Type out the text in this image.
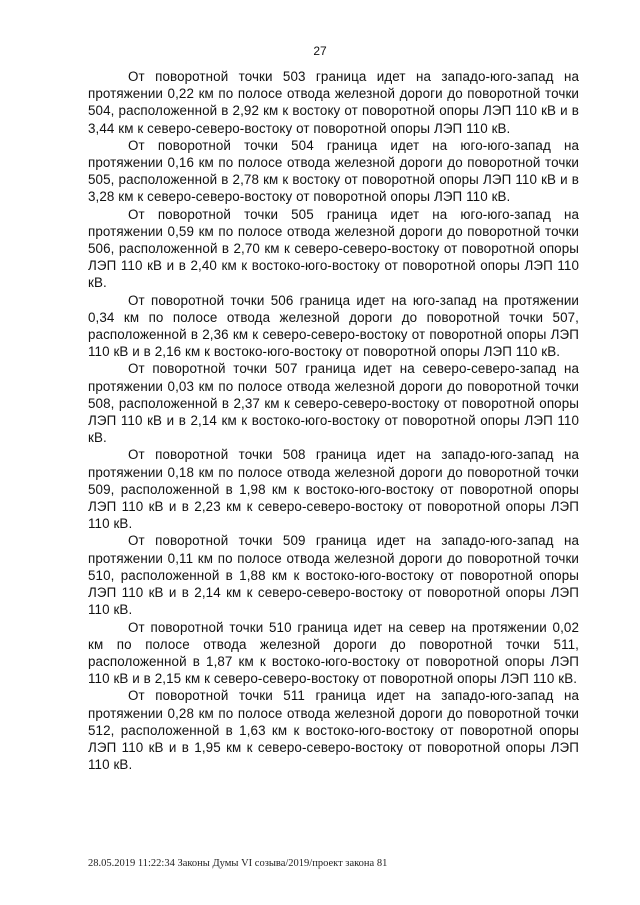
27

От поворотной точки 503 граница идет на западо-юго-запад на протяжении 0,22 км по полосе отвода железной дороги до поворотной точки 504, расположенной в 2,92 км к востоку от поворотной опоры ЛЭП 110 кВ и в 3,44 км к северо-северо-востоку от поворотной опоры ЛЭП 110 кВ.

От поворотной точки 504 граница идет на юго-юго-запад на протяжении 0,16 км по полосе отвода железной дороги до поворотной точки 505, расположенной в 2,78 км к востоку от поворотной опоры ЛЭП 110 кВ и в 3,28 км к северо-северо-востоку от поворотной опоры ЛЭП 110 кВ.

От поворотной точки 505 граница идет на юго-юго-запад на протяжении 0,59 км по полосе отвода железной дороги до поворотной точки 506, расположенной в 2,70 км к северо-северо-востоку от поворотной опоры ЛЭП 110 кВ и в 2,40 км к востоко-юго-востоку от поворотной опоры ЛЭП 110 кВ.

От поворотной точки 506 граница идет на юго-запад на протяжении 0,34 км по полосе отвода железной дороги до поворотной точки 507, расположенной в 2,36 км к северо-северо-востоку от поворотной опоры ЛЭП 110 кВ и в 2,16 км к востоко-юго-востоку от поворотной опоры ЛЭП 110 кВ.

От поворотной точки 507 граница идет на северо-северо-запад на протяжении 0,03 км по полосе отвода железной дороги до поворотной точки 508, расположенной в 2,37 км к северо-северо-востоку от поворотной опоры ЛЭП 110 кВ и в 2,14 км к востоко-юго-востоку от поворотной опоры ЛЭП 110 кВ.

От поворотной точки 508 граница идет на западо-юго-запад на протяжении 0,18 км по полосе отвода железной дороги до поворотной точки 509, расположенной в 1,98 км к востоко-юго-востоку от поворотной опоры ЛЭП 110 кВ и в 2,23 км к северо-северо-востоку от поворотной опоры ЛЭП 110 кВ.

От поворотной точки 509 граница идет на западо-юго-запад на протяжении 0,11 км по полосе отвода железной дороги до поворотной точки 510, расположенной в 1,88 км к востоко-юго-востоку от поворотной опоры ЛЭП 110 кВ и в 2,14 км к северо-северо-востоку от поворотной опоры ЛЭП 110 кВ.

От поворотной точки 510 граница идет на север на протяжении 0,02 км по полосе отвода железной дороги до поворотной точки 511, расположенной в 1,87 км к востоко-юго-востоку от поворотной опоры ЛЭП 110 кВ и в 2,15 км к северо-северо-востоку от поворотной опоры ЛЭП 110 кВ.

От поворотной точки 511 граница идет на западо-юго-запад на протяжении 0,28 км по полосе отвода железной дороги до поворотной точки 512, расположенной в 1,63 км к востоко-юго-востоку от поворотной опоры ЛЭП 110 кВ и в 1,95 км к северо-северо-востоку от поворотной опоры ЛЭП 110 кВ.

28.05.2019 11:22:34 Законы Думы VI созыва/2019/проект закона 81
